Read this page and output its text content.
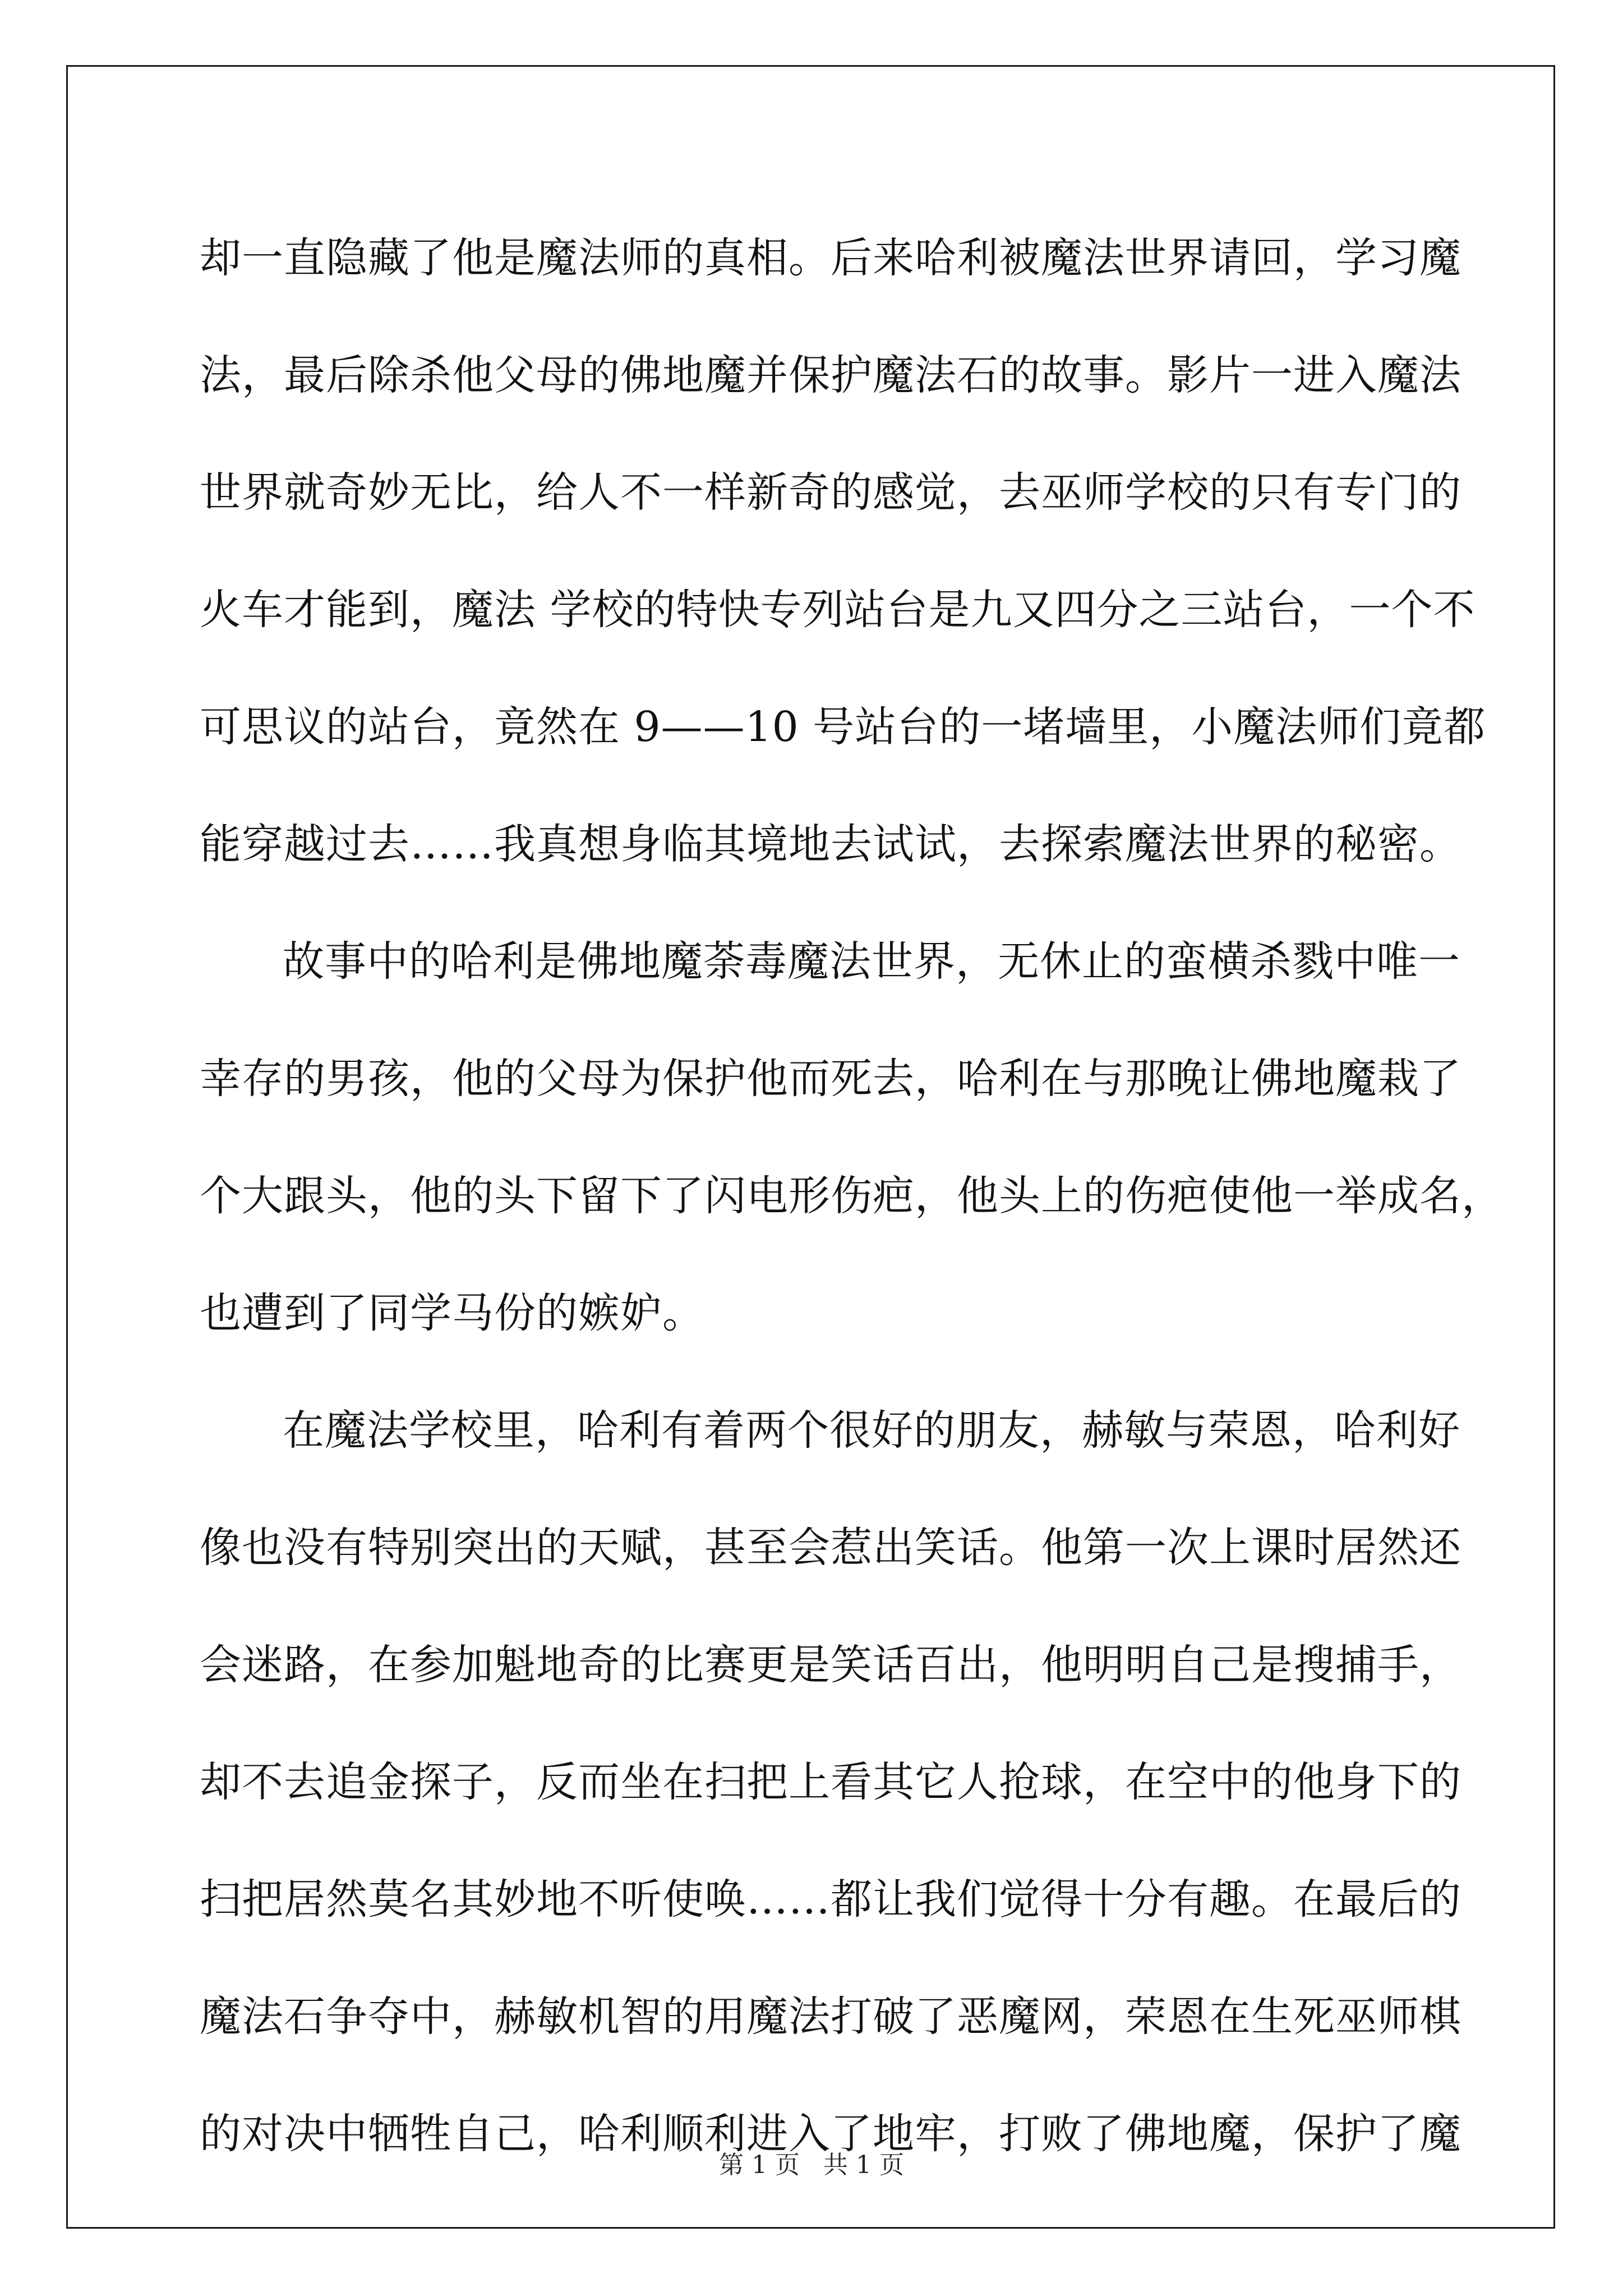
却一直隐藏了他是魔法师的真相。后来哈利被魔法世界请回，学习魔
法，最后除杀他父母的佛地魔并保护魔法石的故事。影片一进入魔法
世界就奇妙无比，给人不一样新奇的感觉，去巫师学校的只有专门的
火车才能到，魔法 学校的特快专列站台是九又四分之三站台，一个不
可思议的站台，竟然在 9——10 号站台的一堵墙里，小魔法师们竟都
能穿越过去……我真想身临其境地去试试，去探索魔法世界的秘密。
故事中的哈利是佛地魔荼毒魔法世界，无休止的蛮横杀戮中唯一
幸存的男孩，他的父母为保护他而死去，哈利在与那晚让佛地魔栽了
个大跟头，他的头下留下了闪电形伤疤，他头上的伤疤使他一举成名，
也遭到了同学马份的嫉妒。
在魔法学校里，哈利有着两个很好的朋友，赫敏与荣恩，哈利好
像也没有特别突出的天赋，甚至会惹出笑话。他第一次上课时居然还
会迷路，在参加魁地奇的比赛更是笑话百出，他明明自己是搜捕手，
却不去追金探子，反而坐在扫把上看其它人抢球，在空中的他身下的
扫把居然莫名其妙地不听使唤……都让我们觉得十分有趣。在最后的
魔法石争夺中，赫敏机智的用魔法打破了恶魔网，荣恩在生死巫师棋
的对决中牺牲自己，哈利顺利进入了地牢，打败了佛地魔，保护了魔
第 1 页 共 1 页
